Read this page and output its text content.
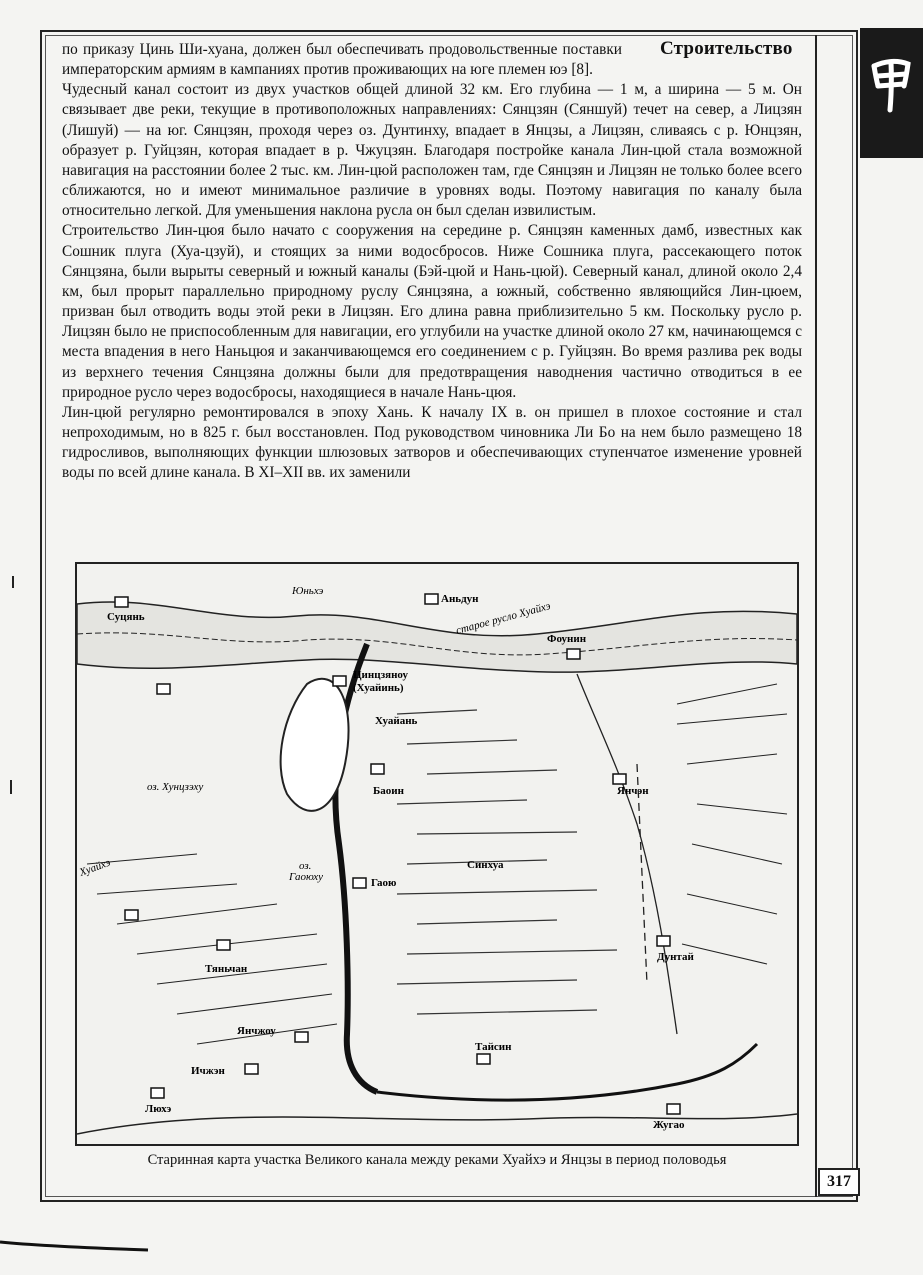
Строительство

по приказу Цинь Ши-хуана, должен был обеспечивать продовольственные поставки императорским армиям в кампаниях против проживающих на юге племен юэ [8].

Чудесный канал состоит из двух участков общей длиной 32 км. Его глубина — 1 м, а ширина — 5 м. Он связывает две реки, текущие в противоположных направлениях: Сянцзян (Сяншуй) течет на север, а Лицзян (Лишуй) — на юг. Сянцзян, проходя через оз. Дунтинху, впадает в Янцзы, а Лицзян, сливаясь с р. Юнцзян, образует р. Гуйцзян, которая впадает в р. Чжуцзян. Благодаря постройке канала Лин-цюй стала возможной навигация на расстоянии более 2 тыс. км. Лин-цюй расположен там, где Сянцзян и Лицзян не только более всего сближаются, но и имеют минимальное различие в уровнях воды. Поэтому навигация по каналу была относительно легкой. Для уменьшения наклона русла он был сделан извилистым.

Строительство Лин-цюя было начато с сооружения на середине р. Сянцзян каменных дамб, известных как Сошник плуга (Хуа-цзуй), и стоящих за ними водосбросов. Ниже Сошника плуга, рассекающего поток Сянцзяна, были вырыты северный и южный каналы (Бэй-цюй и Нань-цюй). Северный канал, длиной около 2,4 км, был прорыт параллельно природному руслу Сянцзяна, а южный, собственно являющийся Лин-цюем, призван был отводить воды этой реки в Лицзян. Его длина равна приблизительно 5 км. Поскольку русло р. Лицзян было не приспособленным для навигации, его углубили на участке длиной около 27 км, начинающемся с места впадения в него Наньцюя и заканчивающемся его соединением с р. Гуйцзян. Во время разлива рек воды из верхнего течения Сянцзяна должны были для предотвращения наводнения частично отводиться в ее природное русло через водосбросы, находящиеся в начале Нань-цюя.

Лин-цюй регулярно ремонтировался в эпоху Хань. К началу IX в. он пришел в плохое состояние и стал непроходимым, но в 825 г. был восстановлен. Под руководством чиновника Ли Бо на нем было размещено 18 гидросливов, выполняющих функции шлюзовых затворов и обеспечивающих ступенчатое изменение уровней воды по всей длине канала. В XI–XII вв. их заменили

Юньхэ
Аньдун
старое русло Хуайхэ
Суцянь
Фоунин
Цинцзяноу
(Хуайинь)
Хуайань
оз. Хунцзэху	Баоин	Янчэн
оз.
Гаоюху	Гаою
Синхуа
Хуайхэ
Дунтай
Тяньчан
Янчжоу
Тайсин
Ичжэн
Люхэ
Жугао
Старинная карта участка Великого канала между реками Хуайхэ и Янцзы в период половодья
317
